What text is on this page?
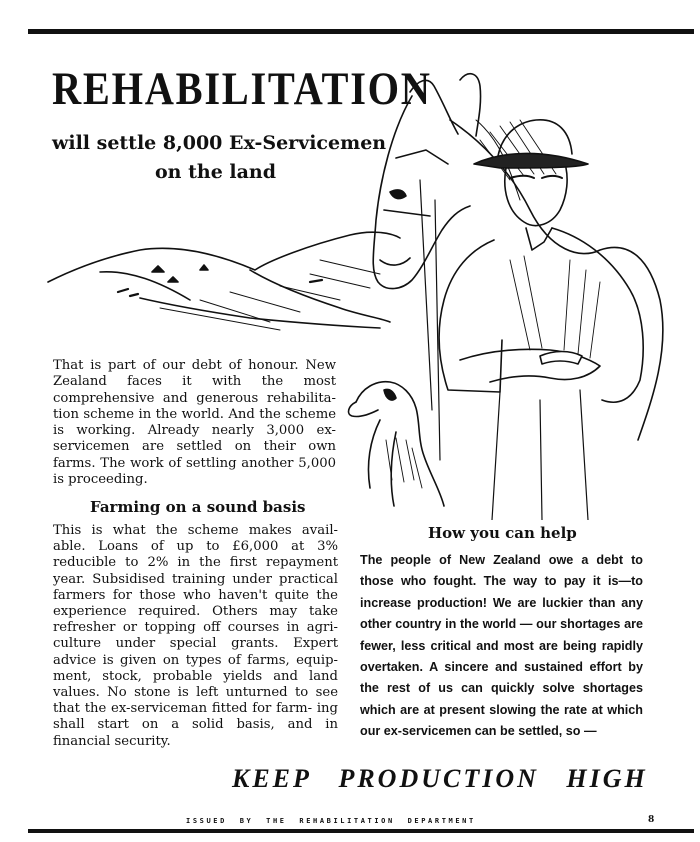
REHABILITATION

will settle 8,000 Ex-Servicemen

on the land

That is part of our debt of honour. New Zealand faces it with the most comprehensive and generous rehabilita- tion scheme in the world. And the scheme is working. Already nearly 3,000 ex-servicemen are settled on their own farms. The work of settling another 5,000 is proceeding.

Farming on a sound basis

This is what the scheme makes avail- able. Loans of up to £6,000 at 3% reducible to 2% in the first repayment year. Subsidised training under practical farmers for those who haven't quite the experience required. Others may take refresher or topping off courses in agri- culture under special grants. Expert advice is given on types of farms, equip- ment, stock, probable yields and land values. No stone is left unturned to see that the ex-serviceman fitted for farm- ing shall start on a solid basis, and in financial security.

How you can help

The people of New Zealand owe a debt to those who fought. The way to pay it is—to increase production! We are luckier than any other country in the world — our shortages are fewer, less critical and most are being rapidly overtaken. A sincere and sustained effort by the rest of us can quickly solve shortages which are at present slowing the rate at which our ex-servicemen can be settled, so —

KEEP PRODUCTION HIGH

ISSUED BY THE REHABILITATION DEPARTMENT	8
